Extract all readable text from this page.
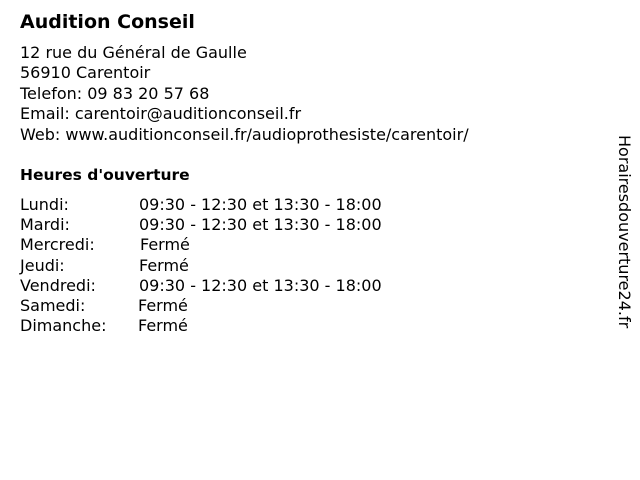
Audition Conseil
12 rue du Général de Gaulle
56910 Carentoir
Telefon: 09 83 20 57 68
Email: carentoir@auditionconseil.fr
Web: www.auditionconseil.fr/audioprothesiste/carentoir/
Heures d'ouverture
Lundi:	09:30 - 12:30 et 13:30 - 18:00
Mardi:	09:30 - 12:30 et 13:30 - 18:00
Mercredi:	Fermé
Jeudi:	Fermé
Vendredi:	09:30 - 12:30 et 13:30 - 18:00
Samedi:	Fermé
Dimanche:	Fermé	Horairesdouverture24.fr
